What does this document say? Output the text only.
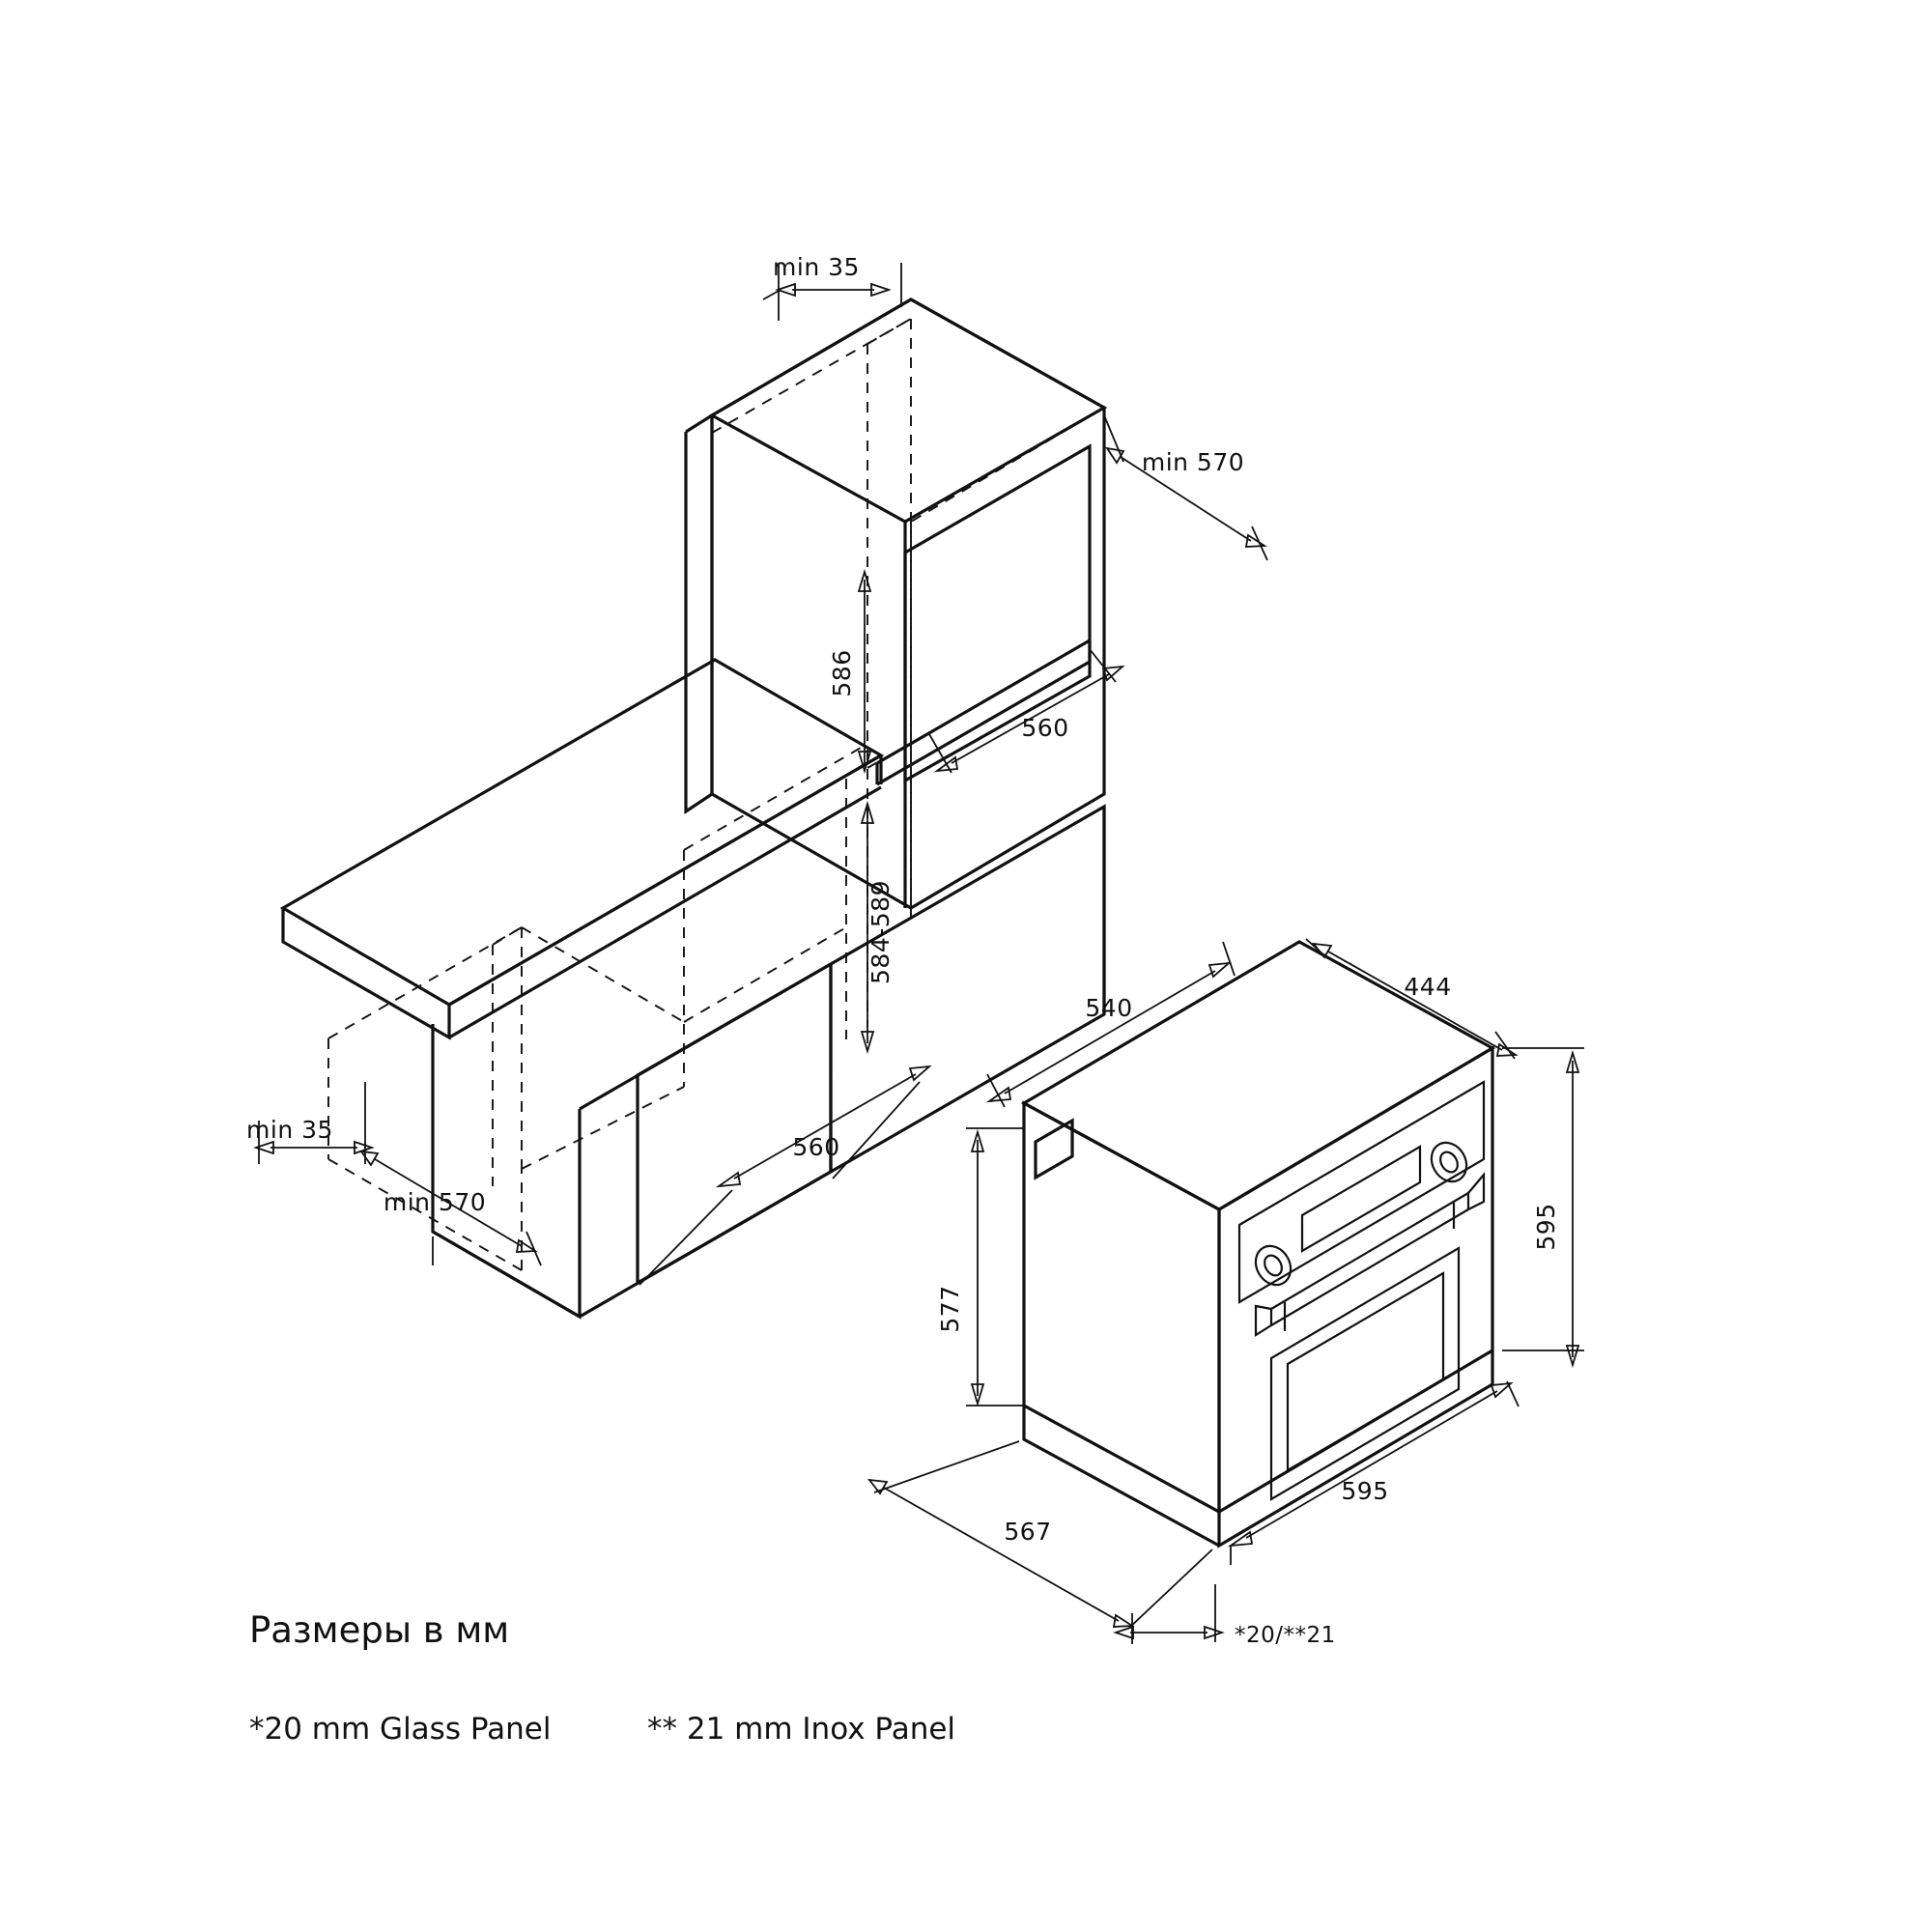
min 35
min 570
586
560
584-589
560
min 35
min 570
540
444
595
577
595
567
*20/**21
Размеры в мм
*20 mm Glass Panel	** 21 mm Inox Panel
